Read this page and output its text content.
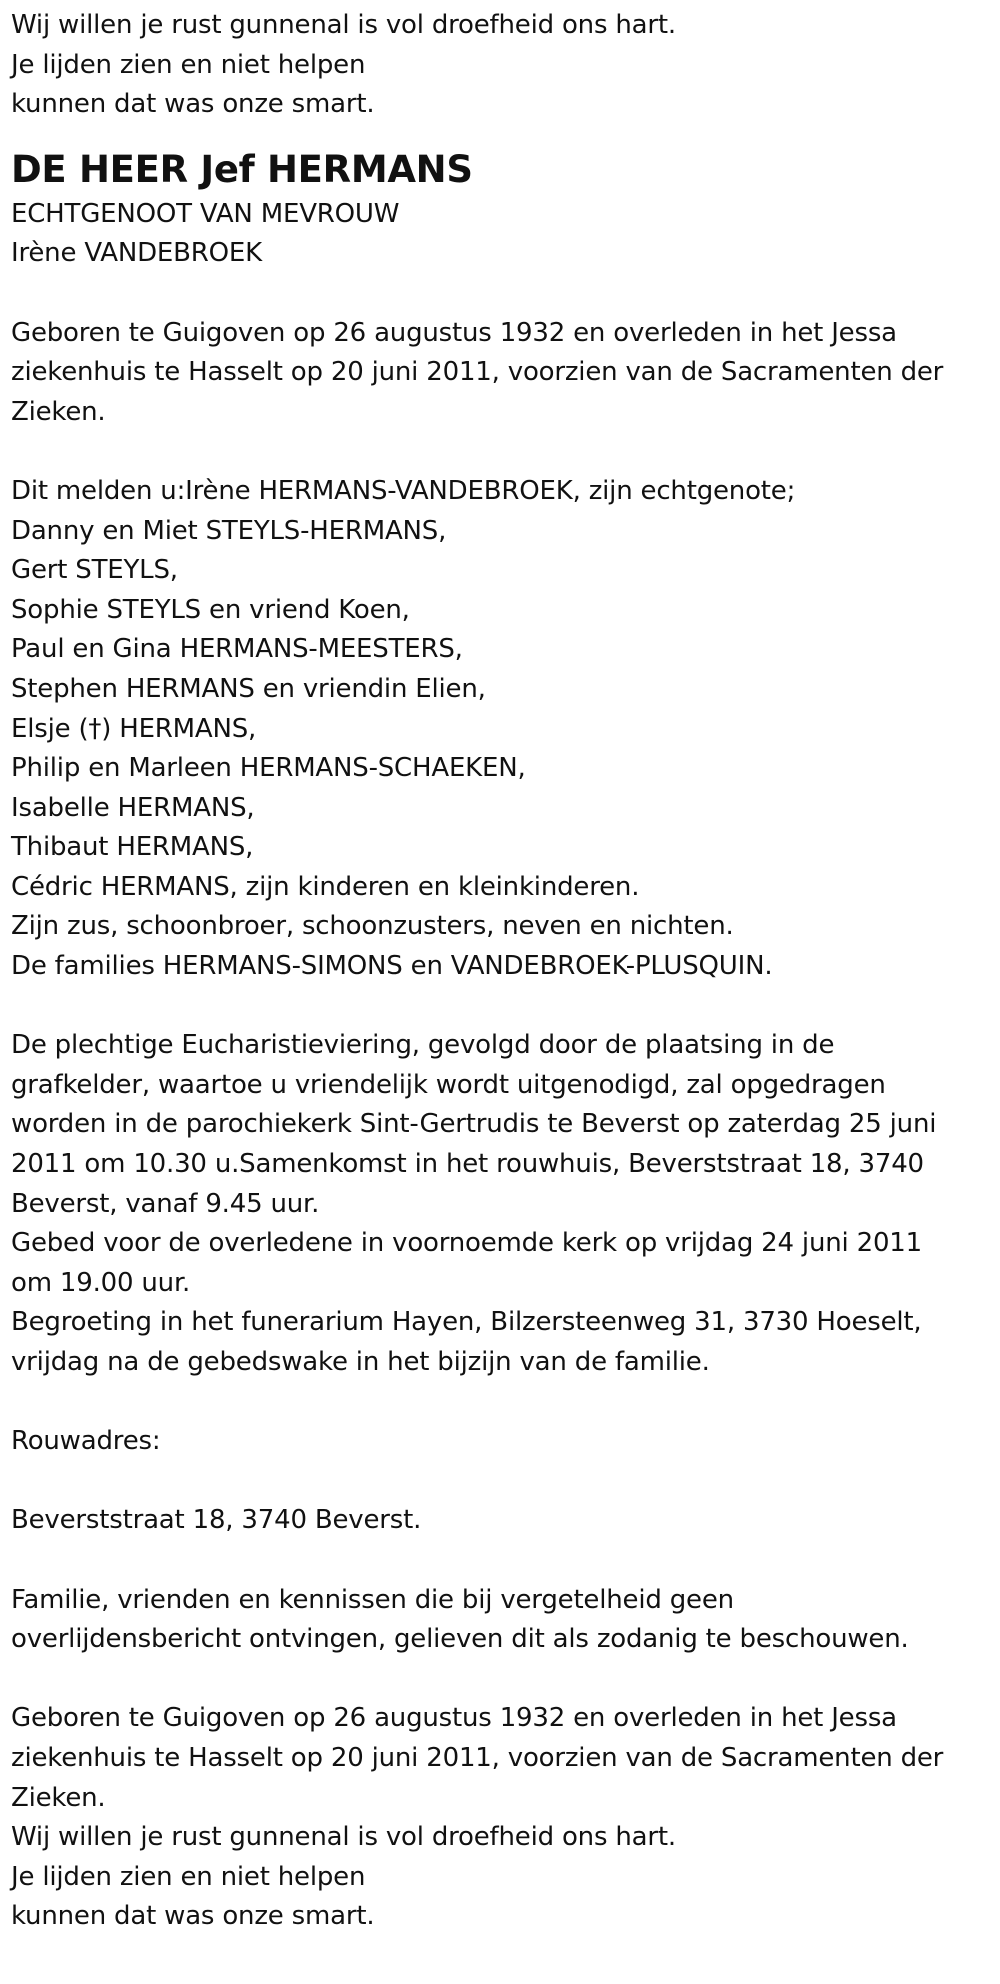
Wij willen je rust gunnenal is vol droefheid ons hart.
Je lijden zien en niet helpen
kunnen dat was onze smart.
DE HEER Jef HERMANS
ECHTGENOOT VAN MEVROUW
Irène VANDEBROEK
Geboren te Guigoven op 26 augustus 1932 en overleden in het Jessa
ziekenhuis te Hasselt op 20 juni 2011, voorzien van de Sacramenten der
Zieken.
Dit melden u:Irène HERMANS-VANDEBROEK, zijn echtgenote;
Danny en Miet STEYLS-HERMANS,
Gert STEYLS,
Sophie STEYLS en vriend Koen,
Paul en Gina HERMANS-MEESTERS,
Stephen HERMANS en vriendin Elien,
Elsje (†) HERMANS,
Philip en Marleen HERMANS-SCHAEKEN,
Isabelle HERMANS,
Thibaut HERMANS,
Cédric HERMANS, zijn kinderen en kleinkinderen.
Zijn zus, schoonbroer, schoonzusters, neven en nichten.
De families HERMANS-SIMONS en VANDEBROEK-PLUSQUIN.
De plechtige Eucharistieviering, gevolgd door de plaatsing in de
grafkelder, waartoe u vriendelijk wordt uitgenodigd, zal opgedragen
worden in de parochiekerk Sint-Gertrudis te Beverst op zaterdag 25 juni
2011 om 10.30 u.Samenkomst in het rouwhuis, Beverststraat 18, 3740
Beverst, vanaf 9.45 uur.
Gebed voor de overledene in voornoemde kerk op vrijdag 24 juni 2011
om 19.00 uur.
Begroeting in het funerarium Hayen, Bilzersteenweg 31, 3730 Hoeselt,
vrijdag na de gebedswake in het bijzijn van de familie.
Rouwadres:
Beverststraat 18, 3740 Beverst.
Familie, vrienden en kennissen die bij vergetelheid geen
overlijdensbericht ontvingen, gelieven dit als zodanig te beschouwen.
Geboren te Guigoven op 26 augustus 1932 en overleden in het Jessa
ziekenhuis te Hasselt op 20 juni 2011, voorzien van de Sacramenten der
Zieken.
Wij willen je rust gunnenal is vol droefheid ons hart.
Je lijden zien en niet helpen
kunnen dat was onze smart.
